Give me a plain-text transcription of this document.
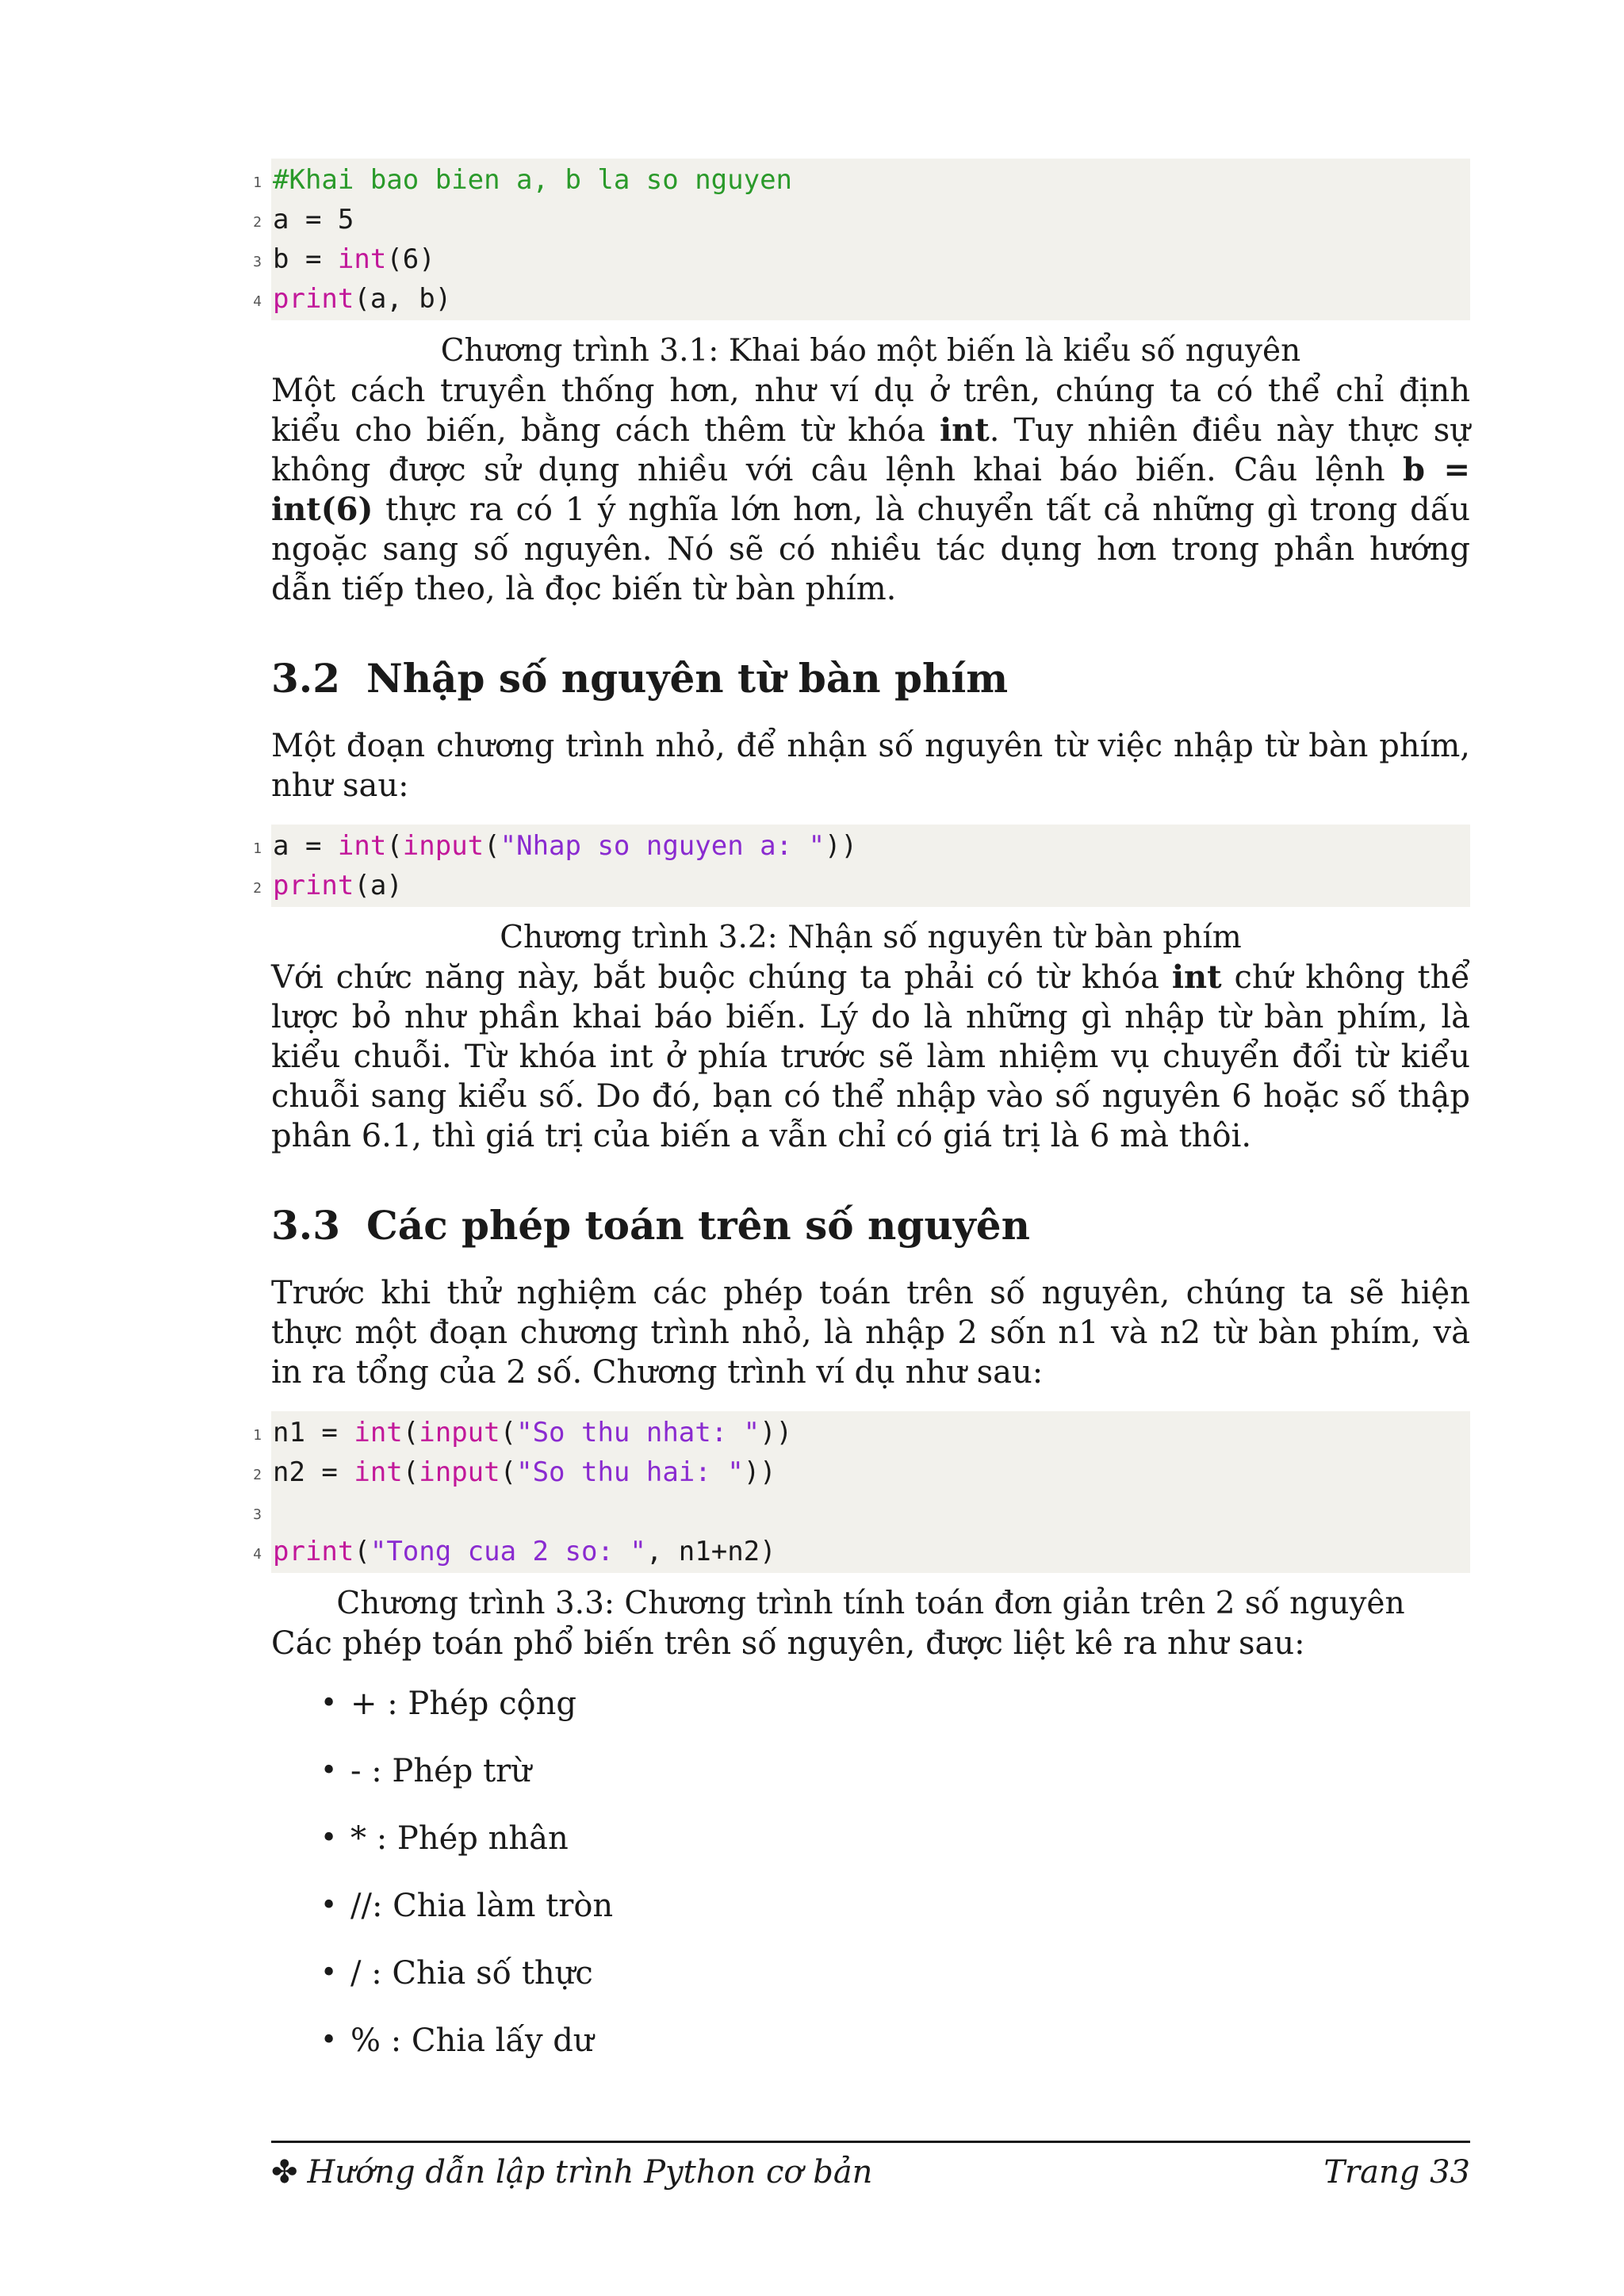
1 #Khai bao bien a, b la so nguyen
2 a = 5
3 b = int(6)
4 print(a, b)
Chương trình 3.1: Khai báo một biến là kiểu số nguyên

Một cách truyền thống hơn, như ví dụ ở trên, chúng ta có thể chỉ định kiểu cho biến, bằng cách thêm từ khóa int. Tuy nhiên điều này thực sự không được sử dụng nhiều với câu lệnh khai báo biến. Câu lệnh b = int(6) thực ra có 1 ý nghĩa lớn hơn, là chuyển tất cả những gì trong dấu ngoặc sang số nguyên. Nó sẽ có nhiều tác dụng hơn trong phần hướng dẫn tiếp theo, là đọc biến từ bàn phím.

3.2 Nhập số nguyên từ bàn phím

Một đoạn chương trình nhỏ, để nhận số nguyên từ việc nhập từ bàn phím, như sau:

1 a = int(input("Nhap so nguyen a: "))
2 print(a)
Chương trình 3.2: Nhận số nguyên từ bàn phím

Với chức năng này, bắt buộc chúng ta phải có từ khóa int chứ không thể lược bỏ như phần khai báo biến. Lý do là những gì nhập từ bàn phím, là kiểu chuỗi. Từ khóa int ở phía trước sẽ làm nhiệm vụ chuyển đổi từ kiểu chuỗi sang kiểu số. Do đó, bạn có thể nhập vào số nguyên 6 hoặc số thập phân 6.1, thì giá trị của biến a vẫn chỉ có giá trị là 6 mà thôi.

3.3 Các phép toán trên số nguyên

Trước khi thử nghiệm các phép toán trên số nguyên, chúng ta sẽ hiện thực một đoạn chương trình nhỏ, là nhập 2 sốn n1 và n2 từ bàn phím, và in ra tổng của 2 số. Chương trình ví dụ như sau:

1 n1 = int(input("So thu nhat: "))
2 n2 = int(input("So thu hai: "))
3
4 print("Tong cua 2 so: ", n1+n2)
Chương trình 3.3: Chương trình tính toán đơn giản trên 2 số nguyên

Các phép toán phổ biến trên số nguyên, được liệt kê ra như sau:

• + : Phép cộng
• - : Phép trừ
• * : Phép nhân
• //: Chia làm tròn
• / : Chia số thực
• % : Chia lấy dư
✤ Hướng dẫn lập trình Python cơ bản	Trang 33
